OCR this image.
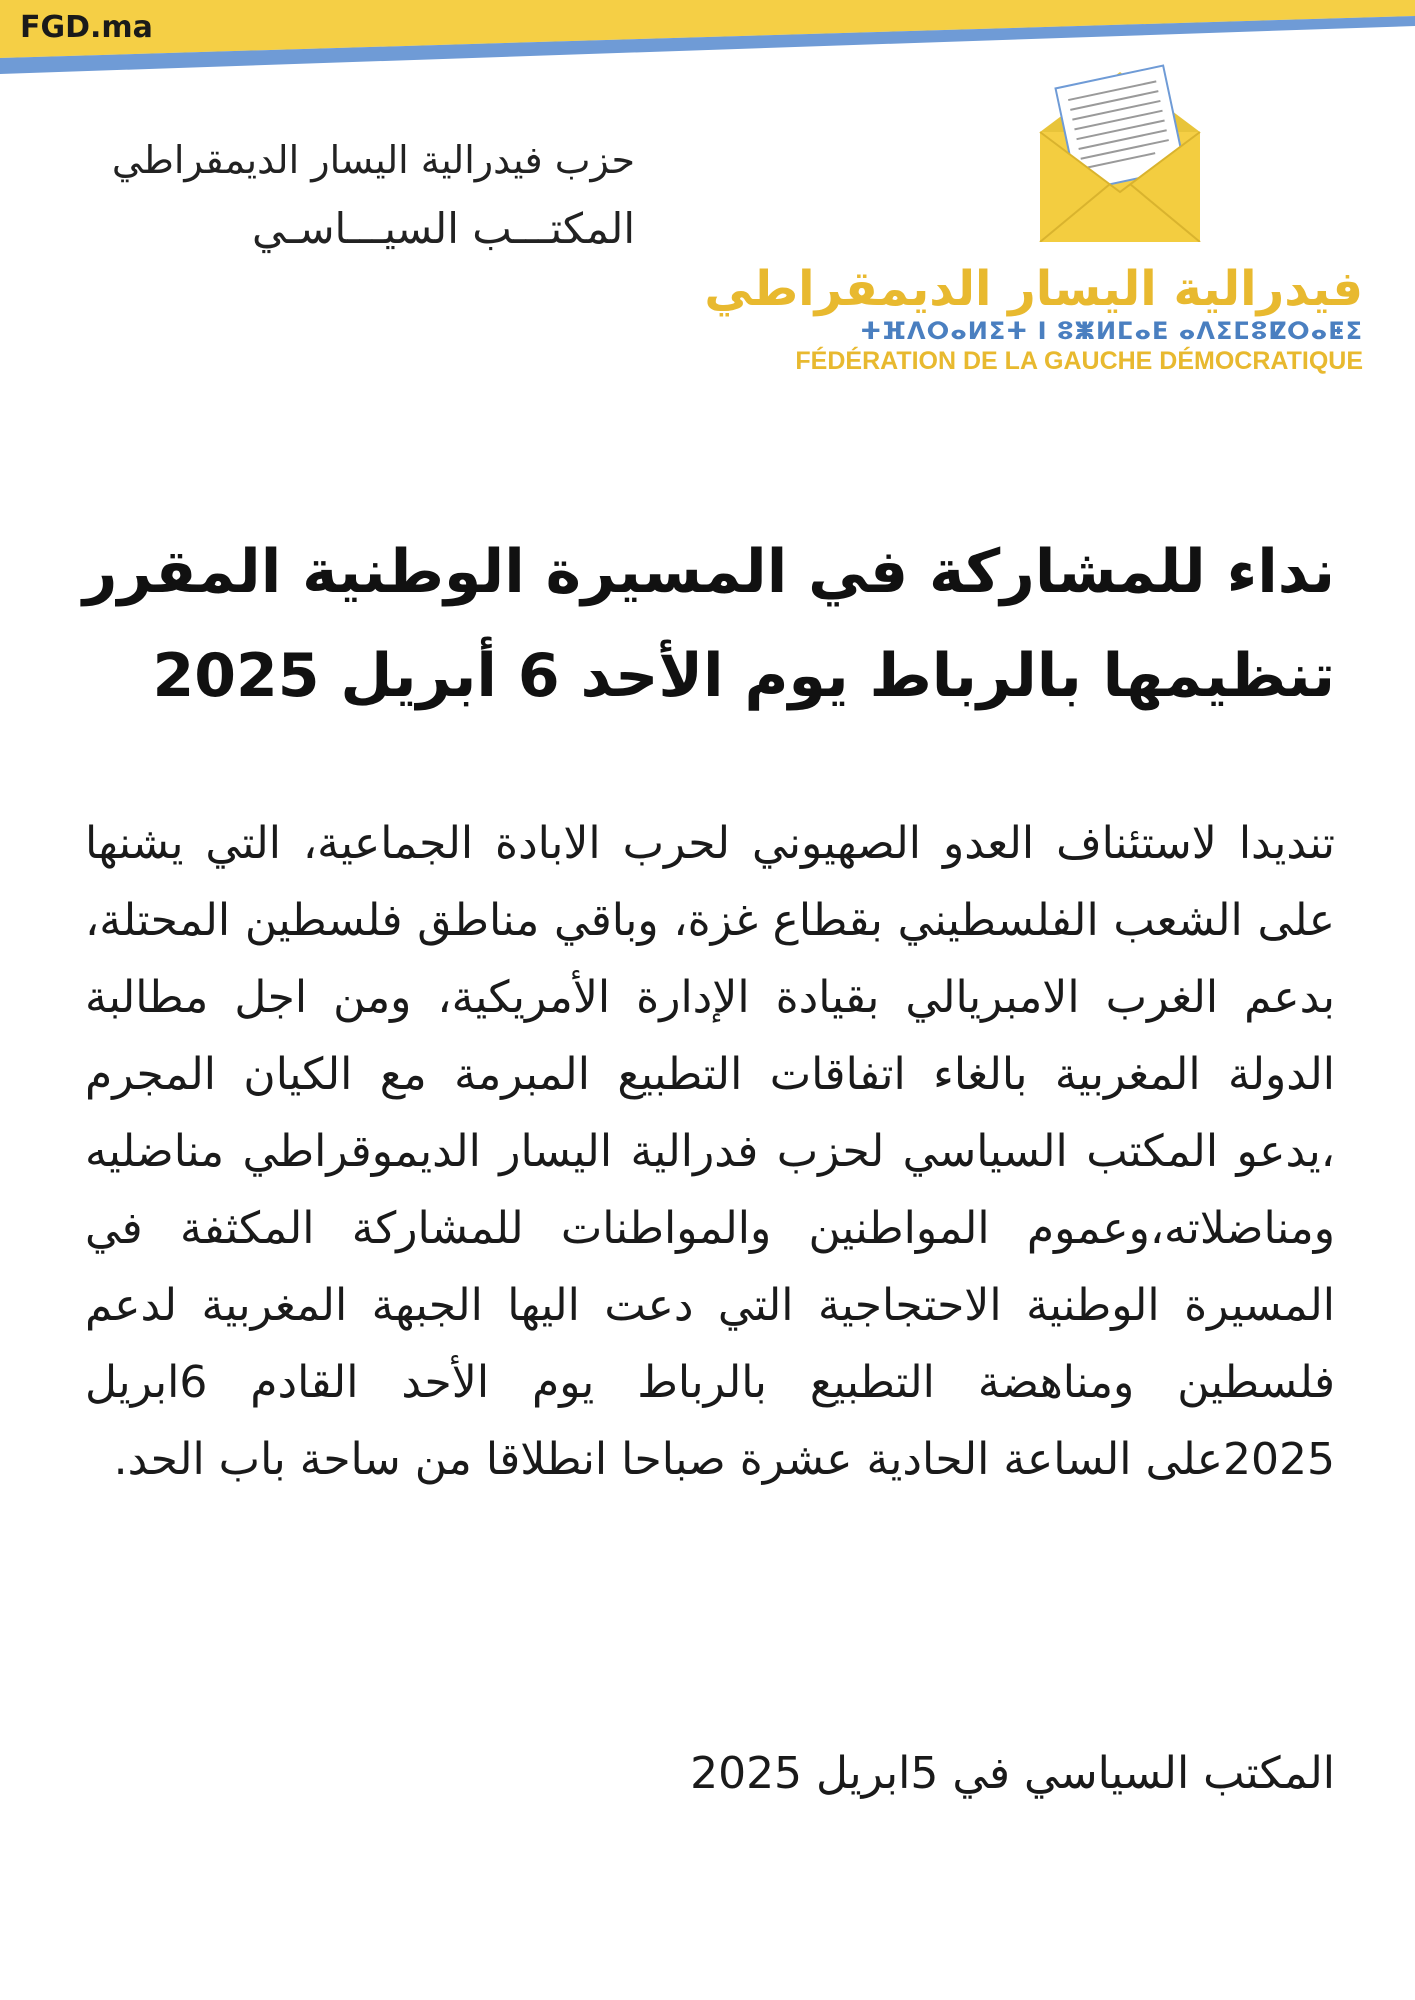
FGD.ma
حزب فيدرالية اليسار الديمقراطي
المكتـــب السيـــاسـي
فيدرالية اليسار الديمقراطي
ⵜⴼⴷⵔⴰⵍⵉⵜ ⵏ ⵓⵥⵍⵎⴰⴹ ⴰⴷⵉⵎⵓⵇⵔⴰⵟⵉ
FÉDÉRATION DE LA GAUCHE DÉMOCRATIQUE
نداء للمشاركة في المسيرة الوطنية المقرر تنظيمها بالرباط يوم الأحد 6 أبريل 2025

تنديدا لاستئناف العدو الصهيوني لحرب الابادة الجماعية، التي يشنها على الشعب الفلسطيني بقطاع غزة، وباقي مناطق فلسطين المحتلة، بدعم الغرب الامبريالي بقيادة الإدارة الأمريكية، ومن اجل مطالبة الدولة المغربية بالغاء اتفاقات التطبيع المبرمة مع الكيان المجرم ،يدعو المكتب السياسي لحزب فدرالية اليسار الديموقراطي مناضليه ومناضلاته،وعموم المواطنين والمواطنات للمشاركة المكثفة في المسيرة الوطنية الاحتجاجية التي دعت اليها الجبهة المغربية لدعم فلسطين ومناهضة التطبيع بالرباط يوم الأحد القادم 6ابريل 2025على الساعة الحادية عشرة صباحا انطلاقا من ساحة باب الحد.

المكتب السياسي في 5ابريل 2025
